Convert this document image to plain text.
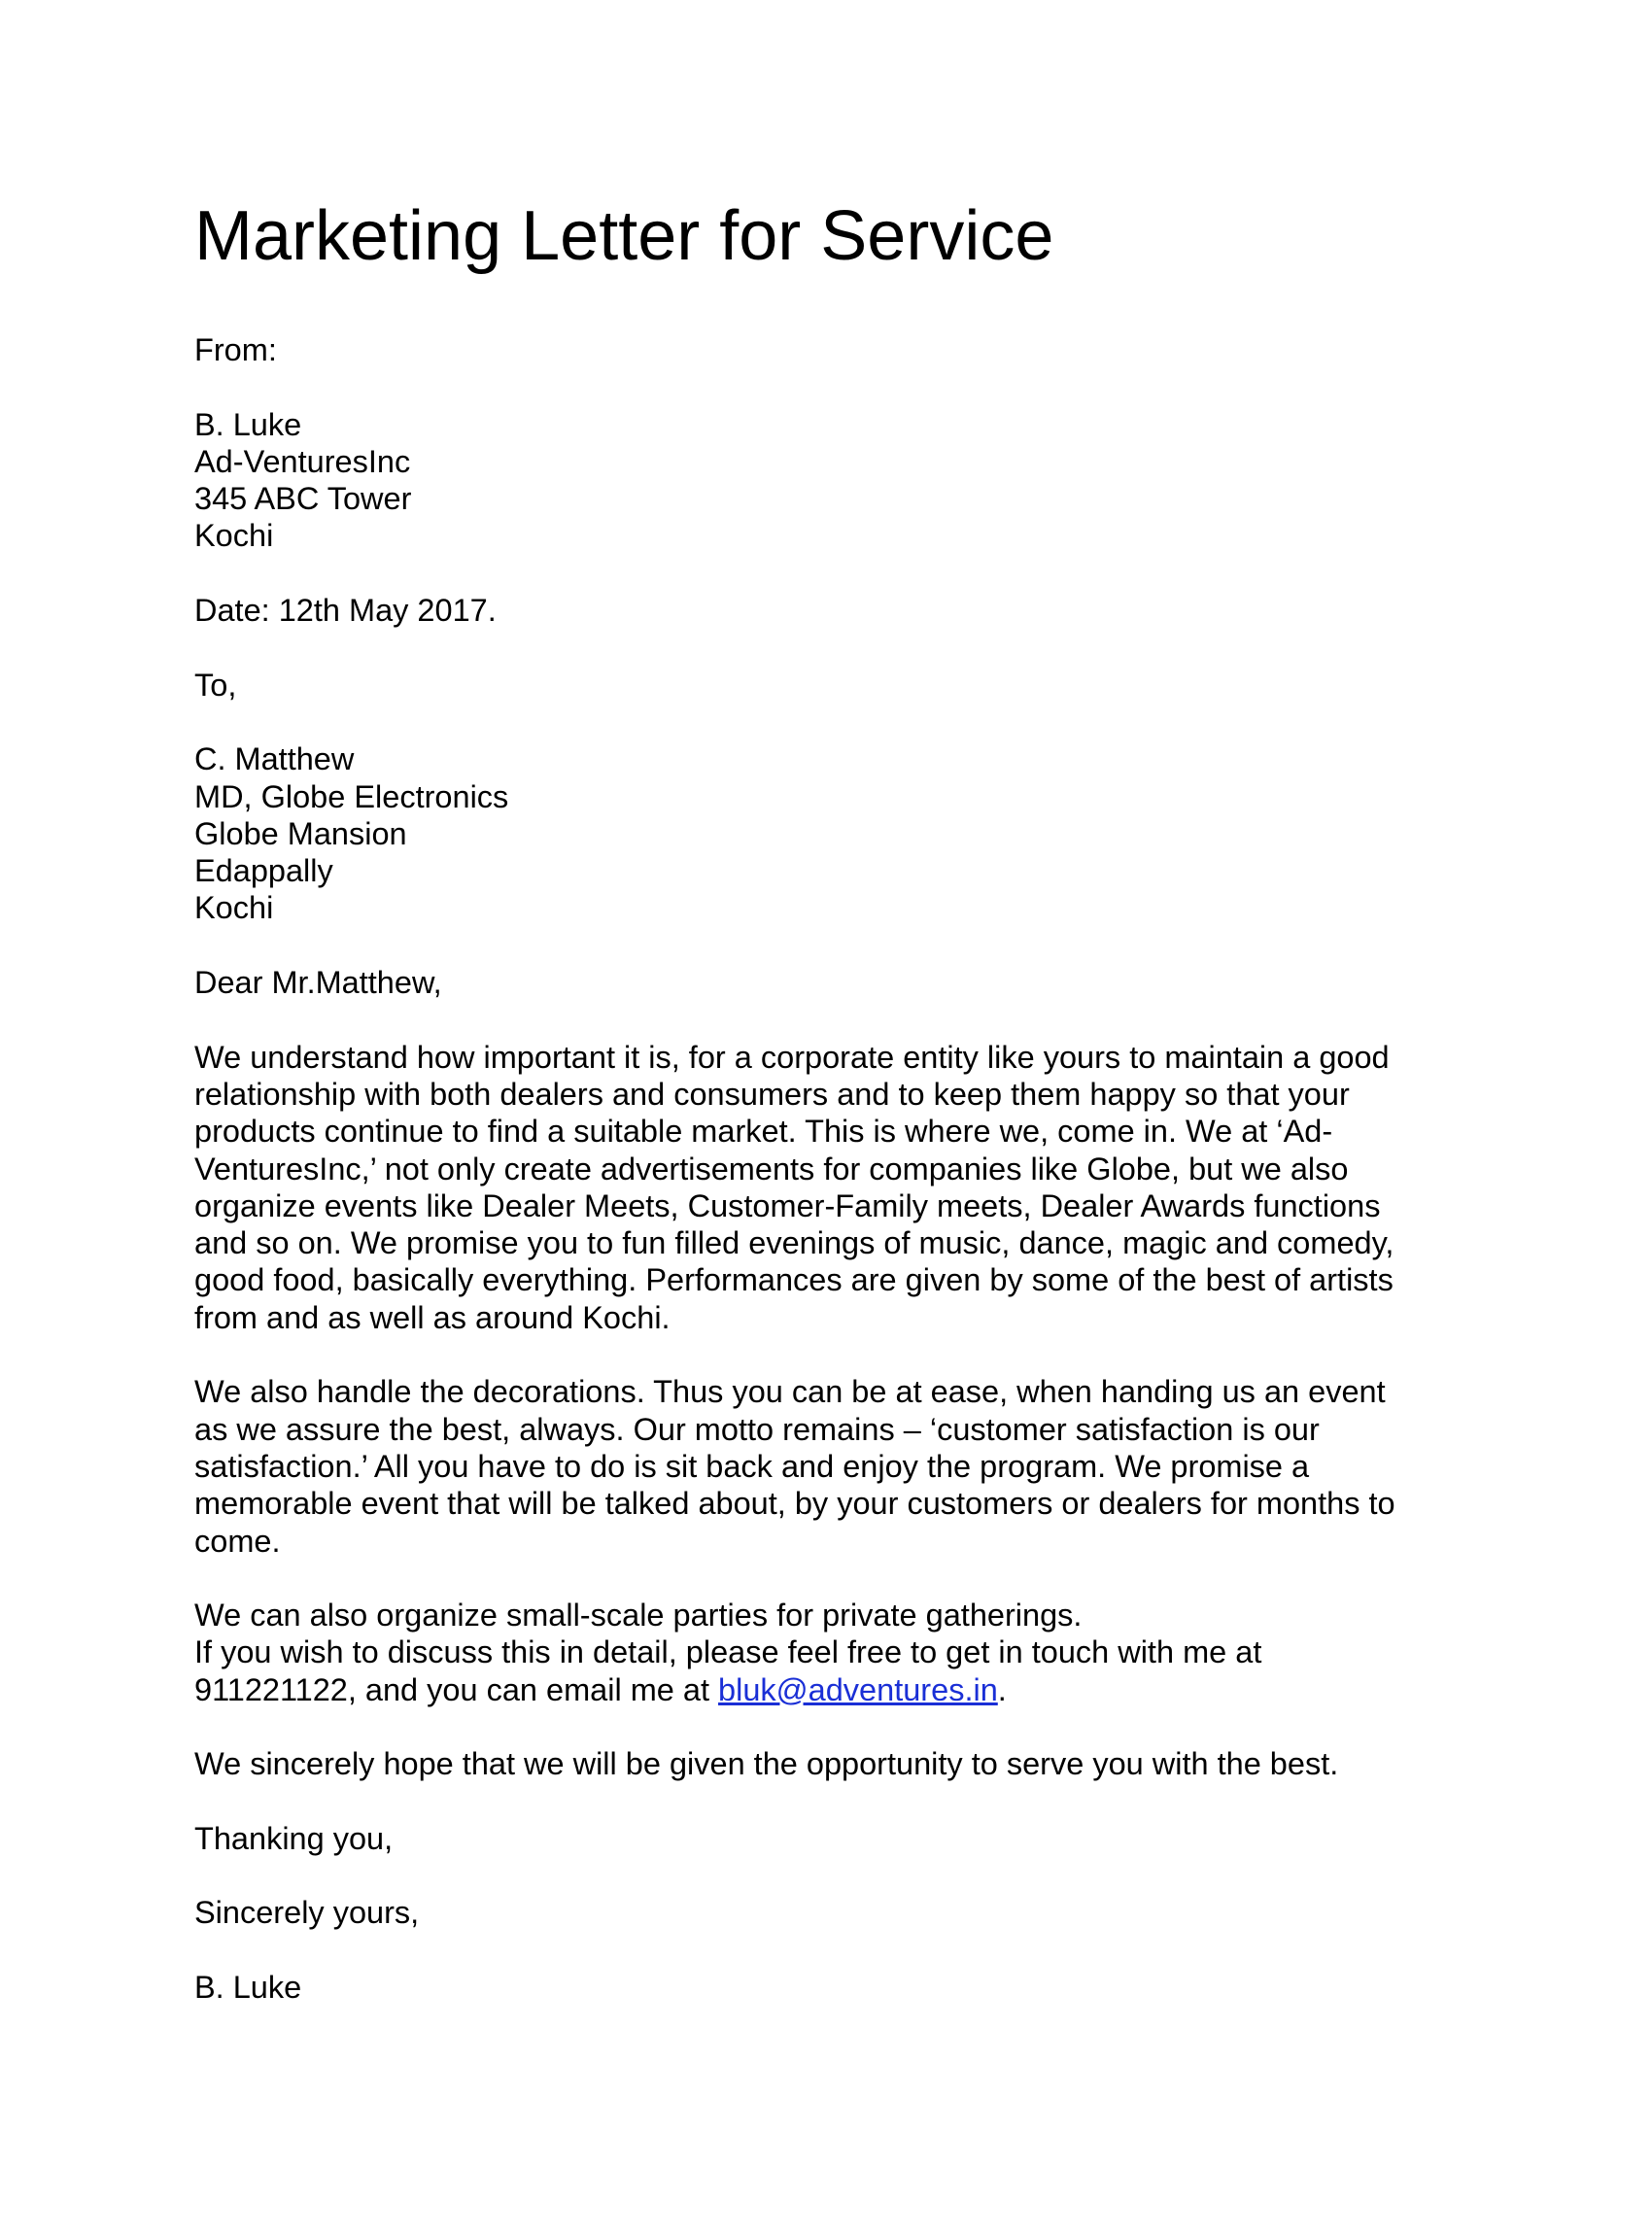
Marketing Letter for Service
From:
B. Luke
Ad-VenturesInc
345 ABC Tower
Kochi
Date: 12th May 2017.
To,
C. Matthew
MD, Globe Electronics
Globe Mansion
Edappally
Kochi
Dear Mr.Matthew,
We understand how important it is, for a corporate entity like yours to maintain a good
relationship with both dealers and consumers and to keep them happy so that your
products continue to find a suitable market. This is where we, come in. We at ‘Ad-
VenturesInc,’ not only create advertisements for companies like Globe, but we also
organize events like Dealer Meets, Customer-Family meets, Dealer Awards functions
and so on. We promise you to fun filled evenings of music, dance, magic and comedy,
good food, basically everything. Performances are given by some of the best of artists
from and as well as around Kochi.
We also handle the decorations. Thus you can be at ease, when handing us an event
as we assure the best, always. Our motto remains – ‘customer satisfaction is our
satisfaction.’ All you have to do is sit back and enjoy the program. We promise a
memorable event that will be talked about, by your customers or dealers for months to
come.
We can also organize small-scale parties for private gatherings.
If you wish to discuss this in detail, please feel free to get in touch with me at
911221122, and you can email me at bluk@adventures.in.
We sincerely hope that we will be given the opportunity to serve you with the best.
Thanking you,
Sincerely yours,
B. Luke
